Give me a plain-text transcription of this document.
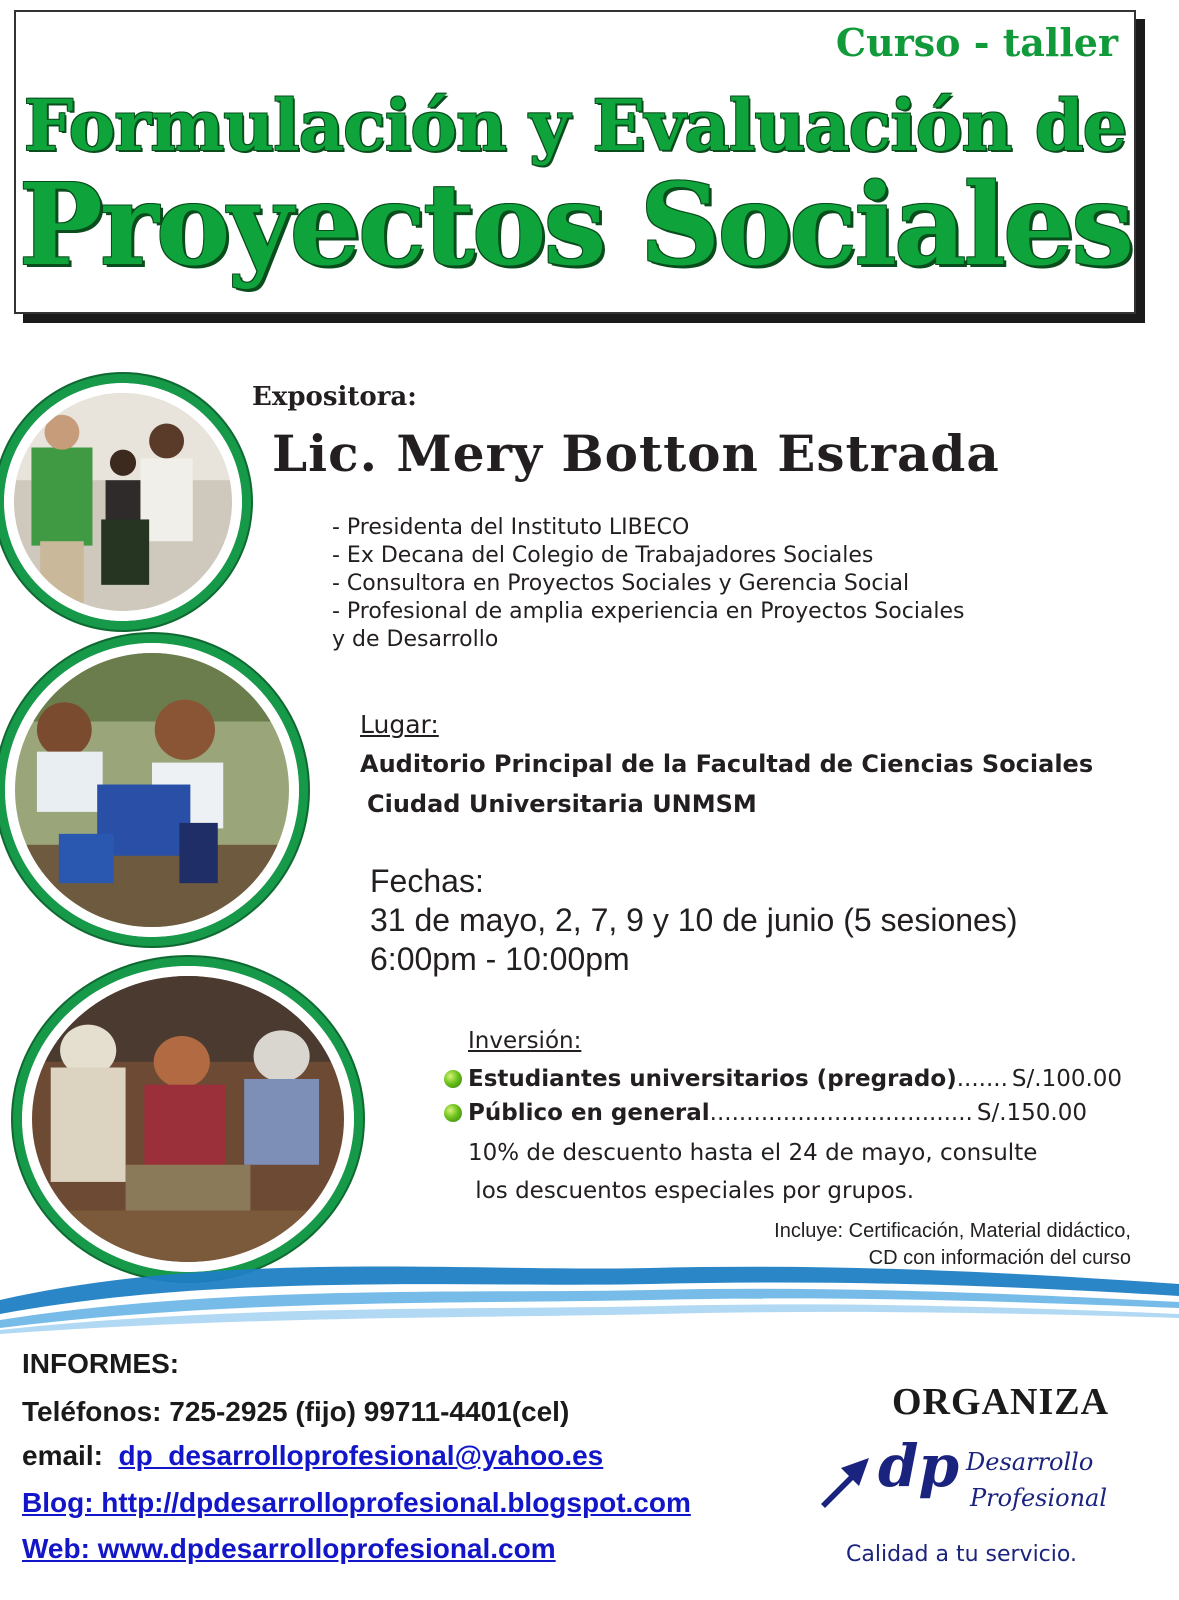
Curso - taller
Formulación y Evaluación de
Proyectos Sociales
Expositora:
Lic. Mery Botton Estrada
- Presidenta del Instituto LIBECO
- Ex Decana del Colegio de Trabajadores Sociales
- Consultora en Proyectos Sociales y Gerencia Social
- Profesional de amplia experiencia en Proyectos Sociales
y de Desarrollo
Lugar:
Auditorio Principal de la Facultad de Ciencias Sociales
Ciudad Universitaria UNMSM
Fechas:
31 de mayo, 2, 7, 9 y 10 de junio (5 sesiones)
6:00pm - 10:00pm
Inversión:
Estudiantes universitarios (pregrado) ....... S/.100.00
Público en general .................................... S/.150.00
10% de descuento hasta el 24 de mayo, consulte
los descuentos especiales por grupos.
Incluye: Certificación, Material didáctico,
CD con información del curso
INFORMES:
Teléfonos: 725-2925 (fijo) 99711-4401(cel)
email: dp_desarrolloprofesional@yahoo.es
Blog: http://dpdesarrolloprofesional.blogspot.com
Web: www.dpdesarrolloprofesional.com
ORGANIZA
dp Desarrollo
Profesional
Calidad a tu servicio.
